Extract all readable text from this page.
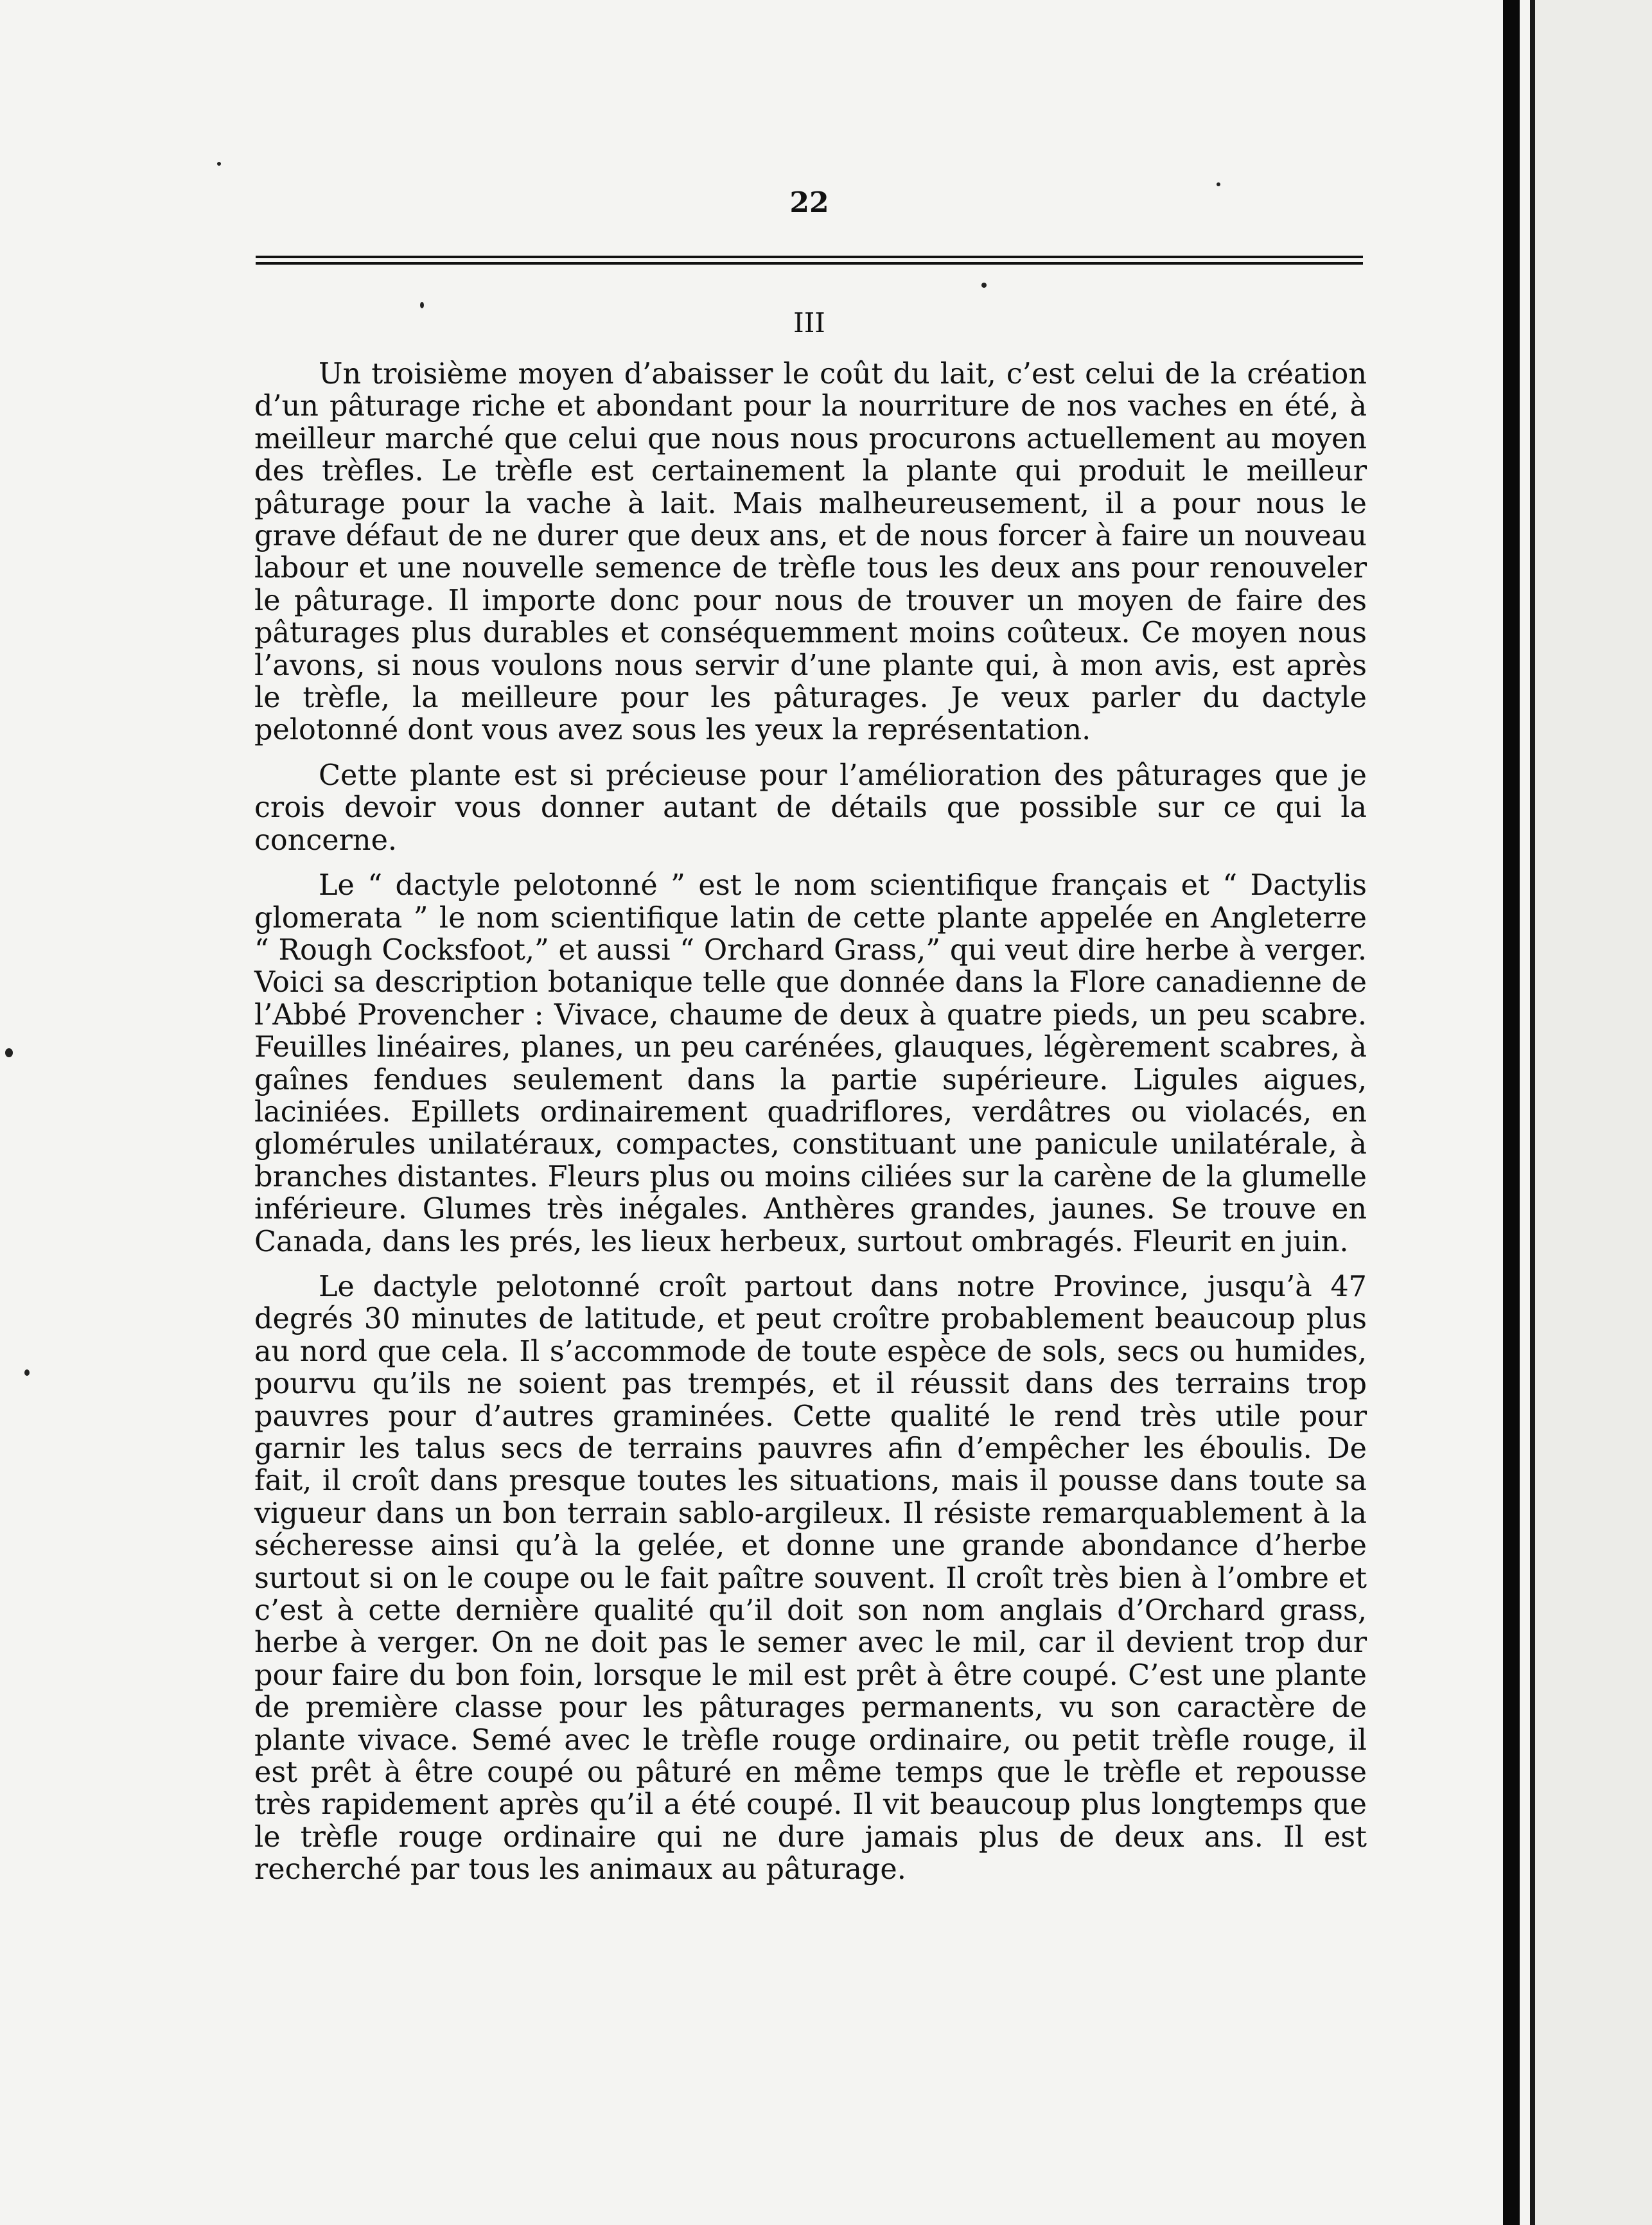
22
III

Un troisième moyen d’abaisser le coût du lait, c’est celui de la création d’un pâturage riche et abondant pour la nourriture de nos vaches en été, à meilleur marché que celui que nous nous procurons actuellement au moyen des trèfles. Le trèfle est certainement la plante qui produit le meilleur pâturage pour la vache à lait. Mais malheureusement, il a pour nous le grave défaut de ne durer que deux ans, et de nous forcer à faire un nouveau labour et une nouvelle semence de trèfle tous les deux ans pour renouveler le pâturage. Il importe donc pour nous de trouver un moyen de faire des pâturages plus durables et conséquemment moins coûteux. Ce moyen nous l’avons, si nous voulons nous servir d’une plante qui, à mon avis, est après le trèfle, la meilleure pour les pâturages. Je veux parler du dactyle pelotonné dont vous avez sous les yeux la représentation.

Cette plante est si précieuse pour l’amélioration des pâturages que je crois devoir vous donner autant de détails que possible sur ce qui la concerne.

Le “ dactyle pelotonné ” est le nom scientifique français et “ Dactylis glomerata ” le nom scientifique latin de cette plante appelée en Angleterre “ Rough Cocksfoot,” et aussi “ Orchard Grass,” qui veut dire herbe à verger. Voici sa description botanique telle que donnée dans la Flore canadienne de l’Abbé Provencher : Vivace, chaume de deux à quatre pieds, un peu scabre. Feuilles linéaires, planes, un peu carénées, glauques, légèrement scabres, à gaînes fendues seulement dans la partie supérieure. Ligules aigues, laciniées. Epillets ordinairement quadriflores, verdâtres ou violacés, en glomérules unilatéraux, compactes, constituant une panicule unilatérale, à branches distantes. Fleurs plus ou moins ciliées sur la carène de la glumelle inférieure. Glumes très inégales. Anthères grandes, jaunes. Se trouve en Canada, dans les prés, les lieux herbeux, surtout ombragés. Fleurit en juin.

Le dactyle pelotonné croît partout dans notre Province, jusqu’à 47 degrés 30 minutes de latitude, et peut croître probablement beaucoup plus au nord que cela. Il s’accommode de toute espèce de sols, secs ou humides, pourvu qu’ils ne soient pas trempés, et il réussit dans des terrains trop pauvres pour d’autres graminées. Cette qualité le rend très utile pour garnir les talus secs de terrains pauvres afin d’empêcher les éboulis. De fait, il croît dans presque toutes les situations, mais il pousse dans toute sa vigueur dans un bon terrain sablo-argileux. Il résiste remarquablement à la sécheresse ainsi qu’à la gelée, et donne une grande abondance d’herbe surtout si on le coupe ou le fait paître souvent. Il croît très bien à l’ombre et c’est à cette dernière qualité qu’il doit son nom anglais d’Orchard grass, herbe à verger. On ne doit pas le semer avec le mil, car il devient trop dur pour faire du bon foin, lorsque le mil est prêt à être coupé. C’est une plante de première classe pour les pâturages permanents, vu son caractère de plante vivace. Semé avec le trèfle rouge ordinaire, ou petit trèfle rouge, il est prêt à être coupé ou pâturé en même temps que le trèfle et repousse très rapidement après qu’il a été coupé. Il vit beaucoup plus longtemps que le trèfle rouge ordinaire qui ne dure jamais plus de deux ans. Il est recherché par tous les animaux au pâturage.
